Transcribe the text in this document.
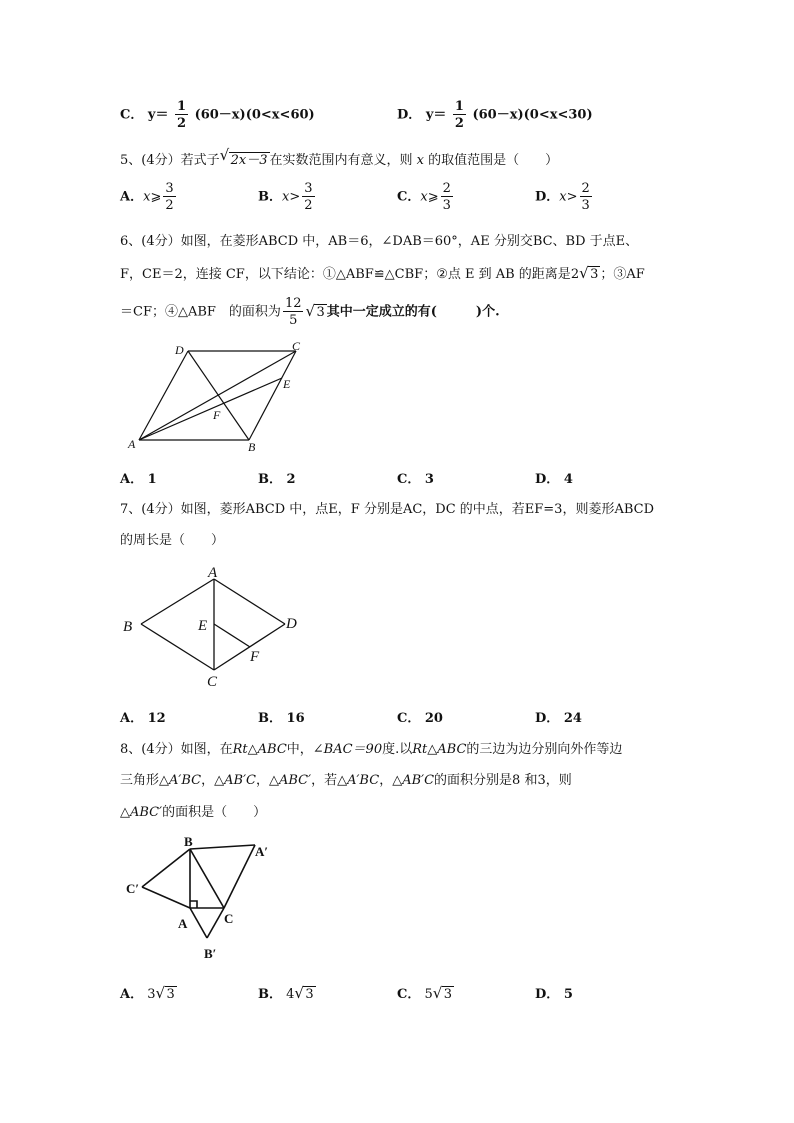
C． $y= \frac{1}{2} (60-x)(0<x<60)$	D． $y= \frac{1}{2} (60-x)(0<x<30)$
5、(4分）若式子 √ 2x－3 在实数范围内有意义，则 x 的取值范围是（　　）
A．x⩾ $\frac{3}{2}$	B．$x> \frac{3}{2}$	C．x⩾ $\frac{2}{3}$	D．$x> \frac{2}{3}$
6、(4分）如图，在菱形ABCD 中，AB＝6，∠DAB＝60°，AE 分别交BC、BD 于点E、
F，CE＝2，连接 CF，以下结论：①△ABF≌△CBF；②点 E 到 AB 的距离是2 √ 3 ；③AF
＝CF；④△ABF　的面积为 $\frac{12}{5}$ √ 3 其中一定成立的有(　　　)个.
A	B
C
D
E
F
A． 1	B． 2	C． 3	D． 4
7、(4分）如图，菱形ABCD 中，点E，F 分别是AC，DC 的中点，若EF=3，则菱形ABCD
的周长是（　　）
A
B
C
D
E
F
A． 12	B． 16	C． 20	D． 24
8、(4分）如图，在Rt△ABC中，∠BAC＝90度.以Rt△ABC的三边为边分别向外作等边
三角形△A′BC，△AB′C，△ABC′，若△A′BC，△AB′C的面积分别是8 和3，则
△ABC′的面积是（　　）
B
A′
C′
A	C
B′
A． 3 √ 3	B． 4 √ 3	C． 5 √ 3	D． 5
